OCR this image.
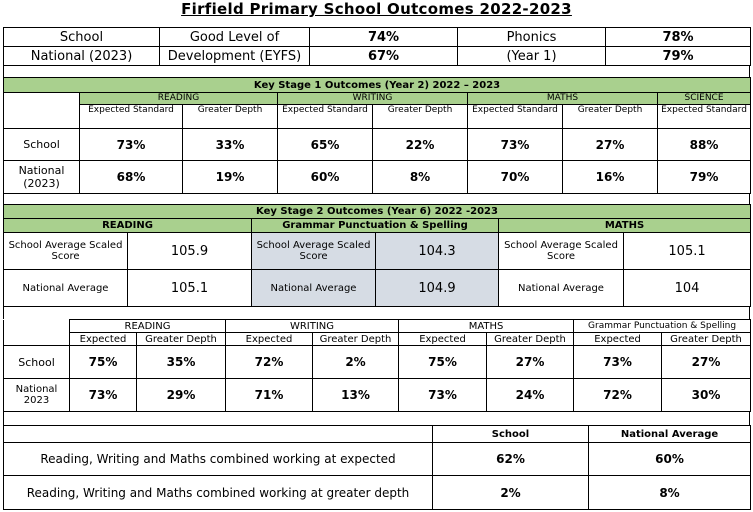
Firfield Primary School Outcomes 2022-2023
School	Good Level of	74%	Phonics	78%
National (2023)	Development (EYFS)	67%	(Year 1)	79%
Key Stage 1 Outcomes (Year 2) 2022 – 2023							
	READING		WRITING		MATHS		SCIENCE
	Expected Standard	Greater Depth	Expected Standard	Greater Depth	Expected Standard	Greater Depth	Expected Standard
School	73%	33%	65%	22%	73%	27%	88%
National (2023)	68%	19%	60%	8%	70%	16%	79%
Key Stage 2 Outcomes (Year 6) 2022 -2023					
READING		Grammar Punctuation & Spelling		MATHS	
School Average Scaled Score	105.9	School Average Scaled Score	104.3	School Average Scaled Score	105.1
National Average	105.1	National Average	104.9	National Average	104
	READING		WRITING		MATHS		Grammar Punctuation & Spelling	
	Expected	Greater Depth	Expected	Greater Depth	Expected	Greater Depth	Expected	Greater Depth
School	75%	35%	72%	2%	75%	27%	73%	27%
National 2023	73%	29%	71%	13%	73%	24%	72%	30%
	School	National Average
Reading, Writing and Maths combined working at expected	62%	60%
Reading, Writing and Maths combined working at greater depth	2%	8%
